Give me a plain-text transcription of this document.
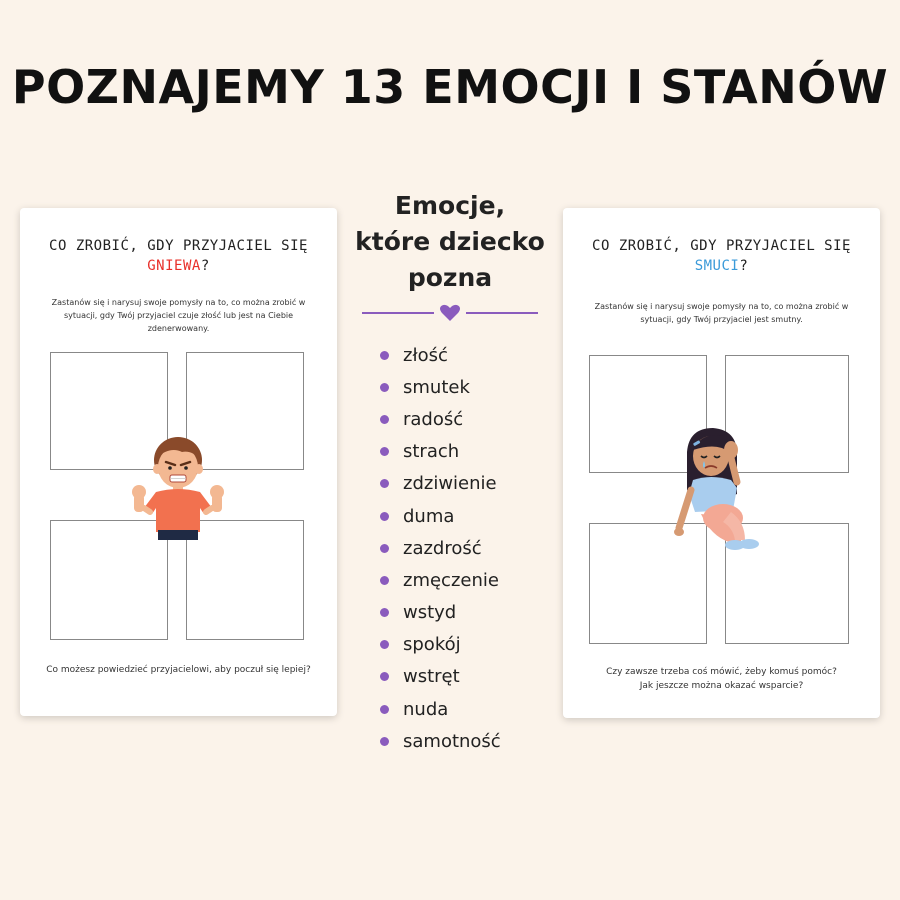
POZNAJEMY 13 EMOCJI I STANÓW
CO ZROBIĆ, GDY PRZYJACIEL SIĘ
GNIEWA?
Zastanów się i narysuj swoje pomysły na to, co można zrobić w sytuacji, gdy Twój przyjaciel czuje złość lub jest na Ciebie zdenerwowany.
Co możesz powiedzieć przyjacielowi, aby poczuł się lepiej?
Emocje,
które dziecko
pozna
złość
smutek
radość
strach
zdziwienie
duma
zazdrość
zmęczenie
wstyd
spokój
wstręt
nuda
samotność
CO ZROBIĆ, GDY PRZYJACIEL SIĘ
SMUCI?
Zastanów się i narysuj swoje pomysły na to, co można zrobić w sytuacji, gdy Twój przyjaciel jest smutny.
Czy zawsze trzeba coś mówić, żeby komuś pomóc?
Jak jeszcze można okazać wsparcie?
